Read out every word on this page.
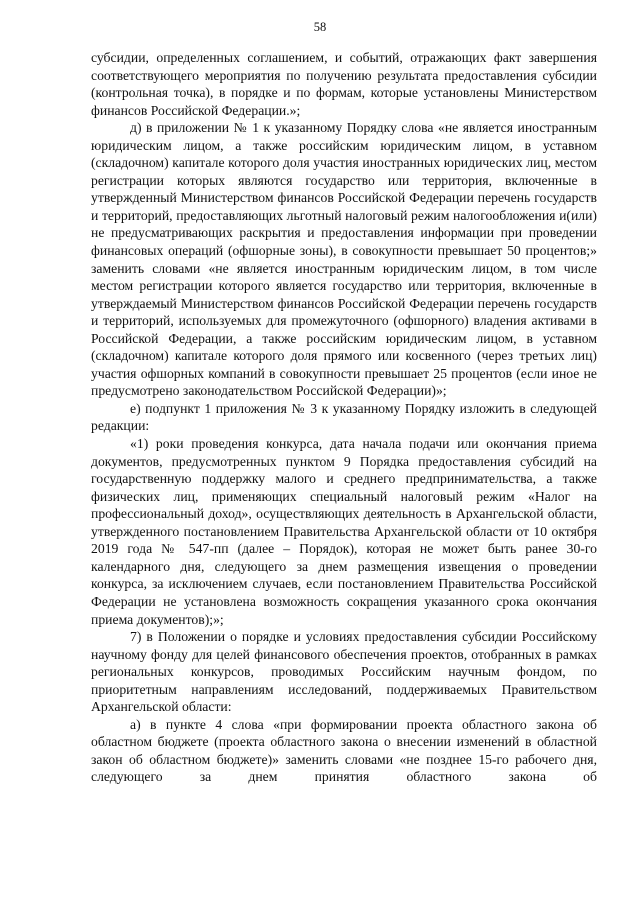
58

субсидии, определенных соглашением, и событий, отражающих факт завершения соответствующего мероприятия по получению результата предоставления субсидии (контрольная точка), в порядке и по формам, которые установлены Министерством финансов Российской Федерации.»;

д) в приложении № 1 к указанному Порядку слова «не является иностранным юридическим лицом, а также российским юридическим лицом, в уставном (складочном) капитале которого доля участия иностранных юридических лиц, местом регистрации которых являются государство или территория, включенные в утвержденный Министерством финансов Российской Федерации перечень государств и территорий, предоставляющих льготный налоговый режим налогообложения и(или) не предусматривающих раскрытия и предоставления информации при проведении финансовых операций (офшорные зоны), в совокупности превышает 50 процентов;» заменить словами «не является иностранным юридическим лицом, в том числе местом регистрации которого является государство или территория, включенные в утверждаемый Министерством финансов Российской Федерации перечень государств и территорий, используемых для промежуточного (офшорного) владения активами в Российской Федерации, а также российским юридическим лицом, в уставном (складочном) капитале которого доля прямого или косвенного (через третьих лиц) участия офшорных компаний в совокупности превышает 25 процентов (если иное не предусмотрено законодательством Российской Федерации)»;

е) подпункт 1 приложения № 3 к указанному Порядку изложить в следующей редакции:

«1) роки проведения конкурса, дата начала подачи или окончания приема документов, предусмотренных пунктом 9 Порядка предоставления субсидий на государственную поддержку малого и среднего предпринимательства, а также физических лиц, применяющих специальный налоговый режим «Налог на профессиональный доход», осуществляющих деятельность в Архангельской области, утвержденного постановлением Правительства Архангельской области от 10 октября 2019 года № 547-пп (далее – Порядок), которая не может быть ранее 30-го календарного дня, следующего за днем размещения извещения о проведении конкурса, за исключением случаев, если постановлением Правительства Российской Федерации не установлена возможность сокращения указанного срока окончания приема документов);»;

7) в Положении о порядке и условиях предоставления субсидии Российскому научному фонду для целей финансового обеспечения проектов, отобранных в рамках региональных конкурсов, проводимых Российским научным фондом, по приоритетным направлениям исследований, поддерживаемых Правительством Архангельской области:

а) в пункте 4 слова «при формировании проекта областного закона об областном бюджете (проекта областного закона о внесении изменений в областной закон об областном бюджете)» заменить словами «не позднее 15-го рабочего дня, следующего за днем принятия областного закона об
